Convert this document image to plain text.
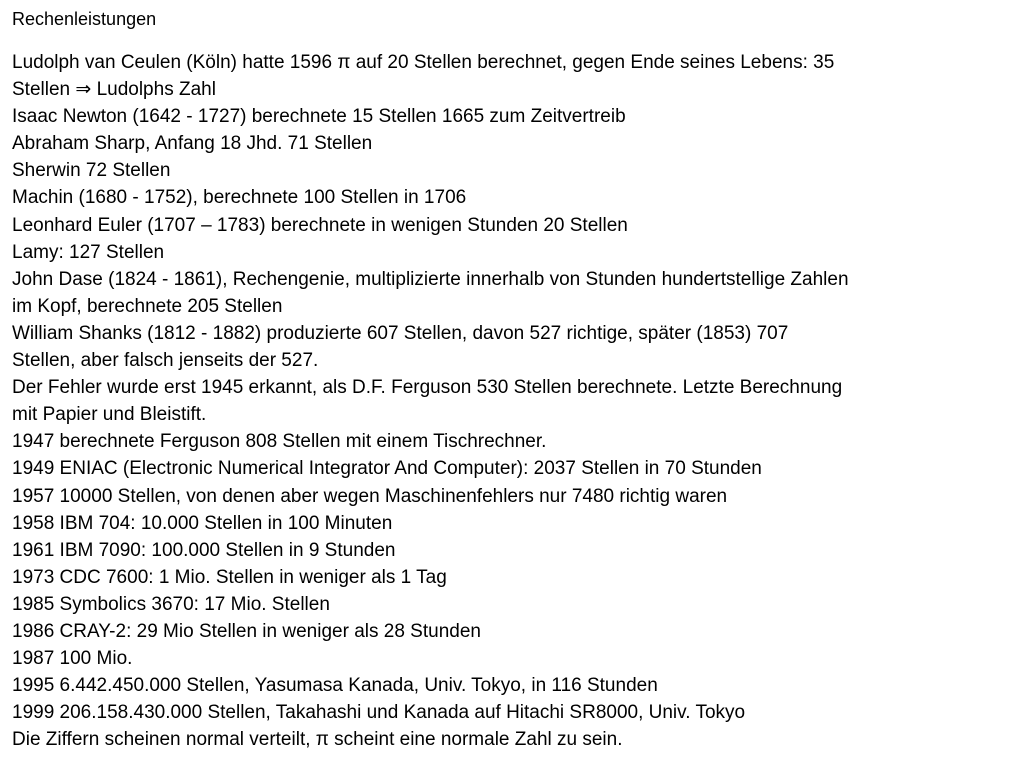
Rechenleistungen
Ludolph van Ceulen (Köln) hatte 1596 π auf 20 Stellen berechnet, gegen Ende seines Lebens: 35
Stellen ⇒ Ludolphs Zahl
Isaac Newton (1642 - 1727) berechnete 15 Stellen 1665 zum Zeitvertreib
Abraham Sharp, Anfang 18 Jhd. 71 Stellen
Sherwin 72 Stellen
Machin (1680 - 1752), berechnete 100 Stellen in 1706
Leonhard Euler (1707 – 1783) berechnete in wenigen Stunden 20 Stellen
Lamy: 127 Stellen
John Dase (1824 - 1861), Rechengenie, multiplizierte innerhalb von Stunden hundertstellige Zahlen
im Kopf, berechnete 205 Stellen
William Shanks (1812 - 1882) produzierte 607 Stellen, davon 527 richtige, später (1853) 707
Stellen, aber falsch jenseits der 527.
Der Fehler wurde erst 1945 erkannt, als D.F. Ferguson 530 Stellen berechnete. Letzte Berechnung
mit Papier und Bleistift.
1947 berechnete Ferguson 808 Stellen mit einem Tischrechner.
1949 ENIAC (Electronic Numerical Integrator And Computer): 2037 Stellen in 70 Stunden
1957 10000 Stellen, von denen aber wegen Maschinenfehlers nur 7480 richtig waren
1958 IBM 704: 10.000 Stellen in 100 Minuten
1961 IBM 7090: 100.000 Stellen in 9 Stunden
1973 CDC 7600: 1 Mio. Stellen in weniger als 1 Tag
1985 Symbolics 3670: 17 Mio. Stellen
1986 CRAY-2: 29 Mio Stellen in weniger als 28 Stunden
1987 100 Mio.
1995 6.442.450.000 Stellen, Yasumasa Kanada, Univ. Tokyo, in 116 Stunden
1999 206.158.430.000 Stellen, Takahashi und Kanada auf Hitachi SR8000, Univ. Tokyo
Die Ziffern scheinen normal verteilt, π scheint eine normale Zahl zu sein.
